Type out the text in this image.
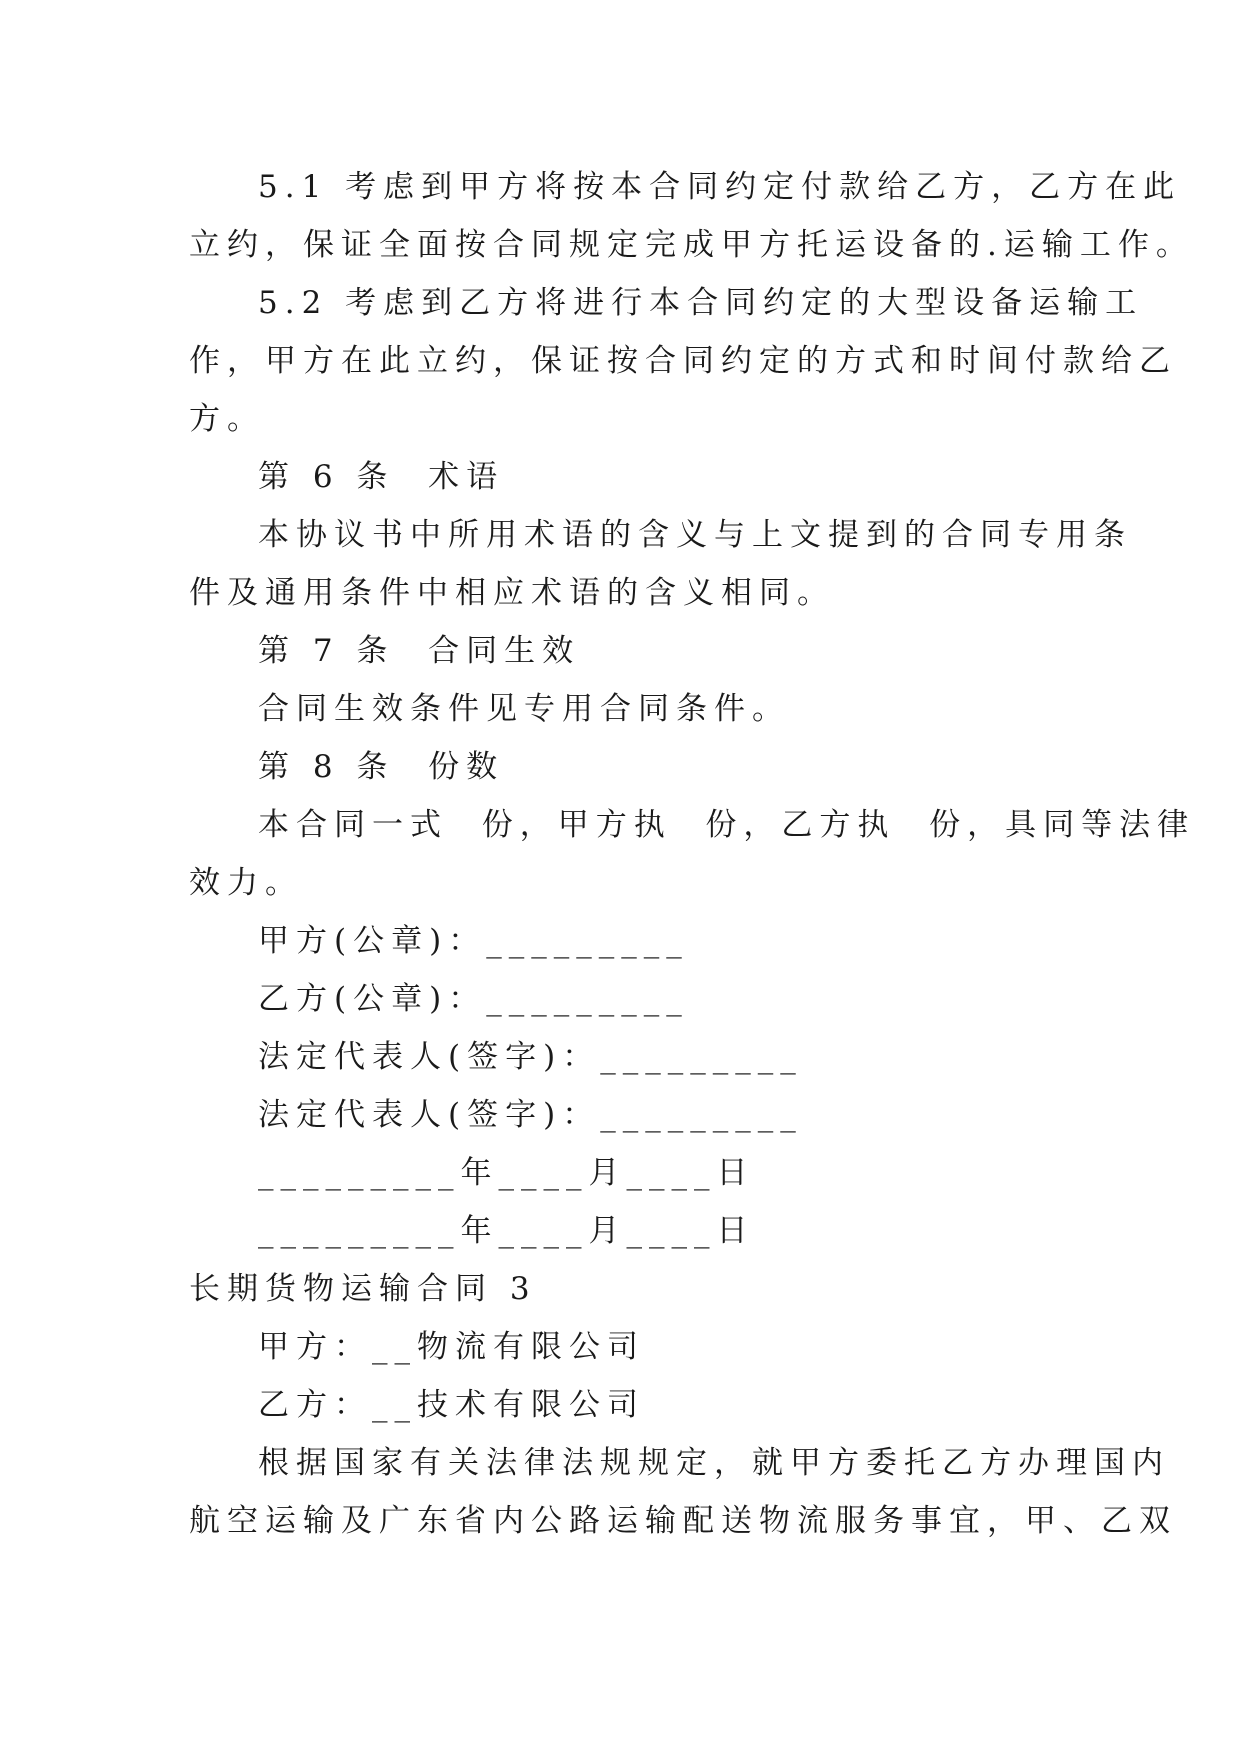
5.1 考虑到甲方将按本合同约定付款给乙方，乙方在此
立约，保证全面按合同规定完成甲方托运设备的.运输工作。
5.2 考虑到乙方将进行本合同约定的大型设备运输工
作，甲方在此立约，保证按合同约定的方式和时间付款给乙
方。
第 6 条  术语
本协议书中所用术语的含义与上文提到的合同专用条
件及通用条件中相应术语的含义相同。
第 7 条  合同生效
合同生效条件见专用合同条件。
第 8 条  份数
本合同一式  份，甲方执  份，乙方执  份，具同等法律
效力。
甲方(公章)：_________
乙方(公章)：_________
法定代表人(签字)：_________
法定代表人(签字)：_________
_________年____月____日
_________年____月____日
长期货物运输合同 3
甲方：__物流有限公司
乙方：__技术有限公司
根据国家有关法律法规规定，就甲方委托乙方办理国内
航空运输及广东省内公路运输配送物流服务事宜，甲、乙双
